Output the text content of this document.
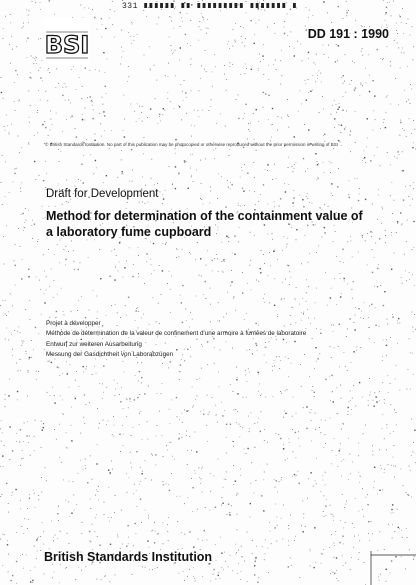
331 ∎∎∎∎∎∎ ∎∎ ∎∎∎∎∎∎∎∎∎ ∎∎∎∎∎∎∎ ∎
BSI	DD 191 : 1990
© British Standards Institution. No part of this publication may be photocopied or otherwise reproduced without the prior permission in writing of BSI
Draft for Development
Method for determination of the containment value of
a laboratory fume cupboard
Projet à développer
Méthode de détermination de la valeur de confinement d'une armoire à fumées de laboratoire
Entwurf zur weiteren Ausarbeitung
Messung der Gasdichtheit von Laborabzügen
British Standards Institution
